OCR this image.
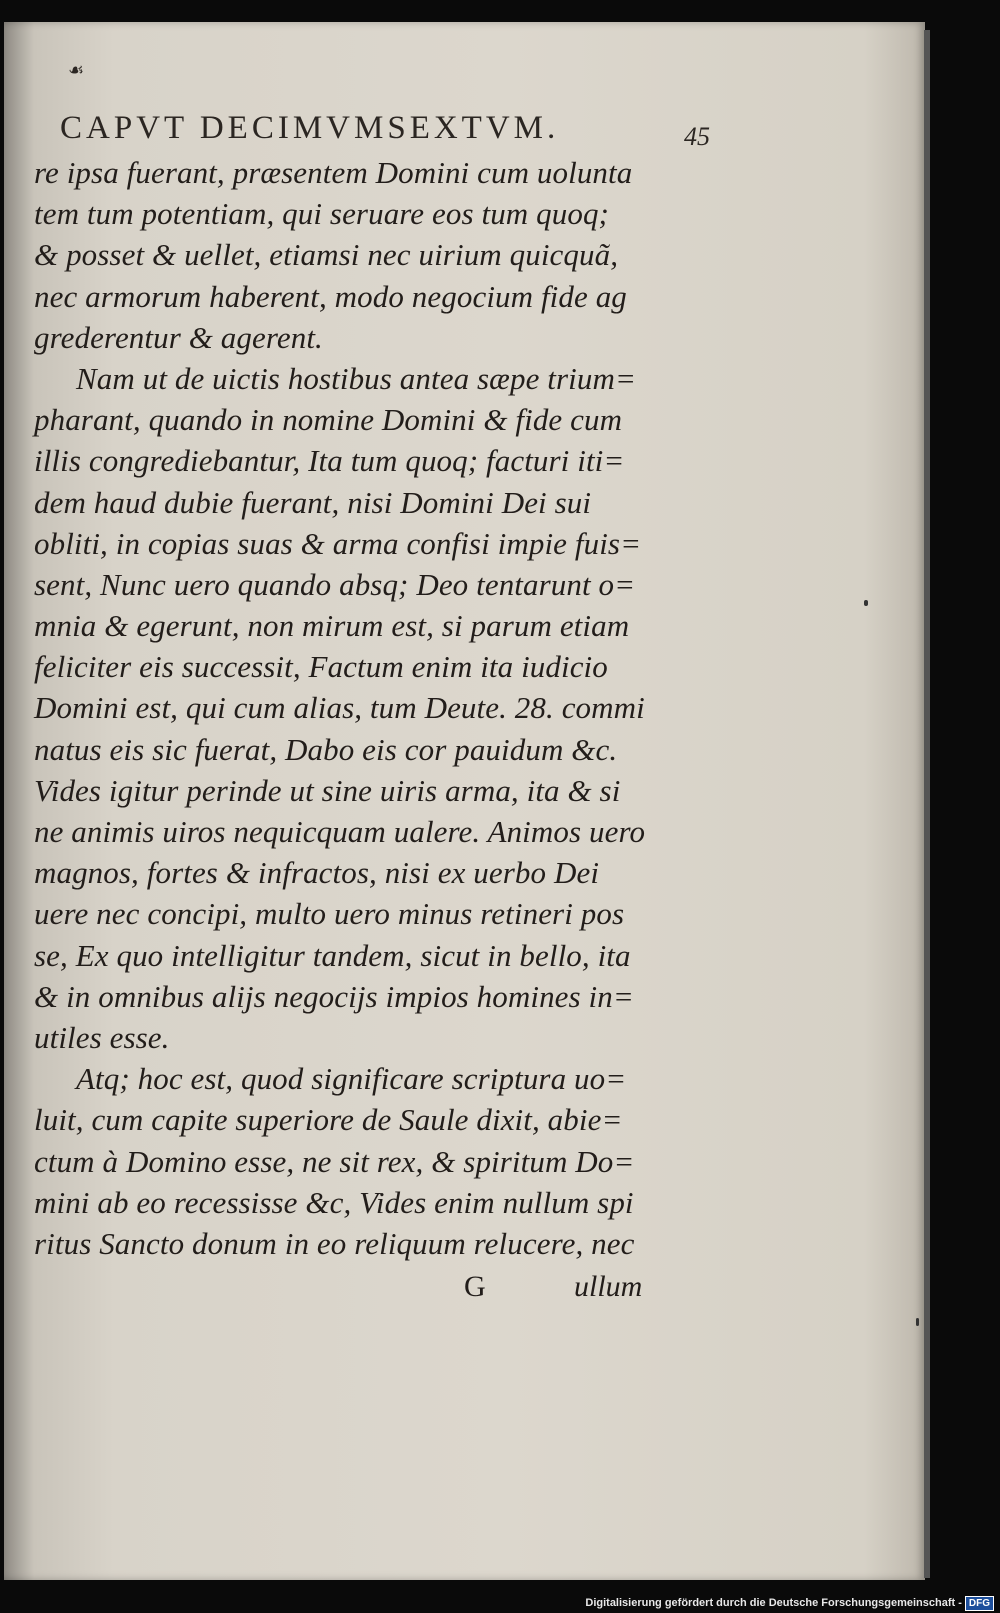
☙
CAPVT DECIMVMSEXTVM.	45
re ipsa fuerant, præsentem Domini cum uolunta
tem tum potentiam, qui seruare eos tum quoq;
& posset & uellet, etiamsi nec uirium quicquã,
nec armorum haberent, modo negocium fide ag
grederentur & agerent.
Nam ut de uictis hostibus antea sæpe trium=
pharant, quando in nomine Domini & fide cum
illis congrediebantur, Ita tum quoq; facturi iti=
dem haud dubie fuerant, nisi Domini Dei sui
obliti, in copias suas & arma confisi impie fuis=
sent, Nunc uero quando absq; Deo tentarunt o=
mnia & egerunt, non mirum est, si parum etiam
feliciter eis successit, Factum enim ita iudicio
Domini est, qui cum alias, tum Deute. 28. commi
natus eis sic fuerat, Dabo eis cor pauidum &c.
Vides igitur perinde ut sine uiris arma, ita & si
ne animis uiros nequicquam ualere. Animos uero
magnos, fortes & infractos, nisi ex uerbo Dei
uere nec concipi, multo uero minus retineri pos
se, Ex quo intelligitur tandem, sicut in bello, ita
& in omnibus alijs negocijs impios homines in=
utiles esse.
Atq; hoc est, quod significare scriptura uo=
luit, cum capite superiore de Saule dixit, abie=
ctum à Domino esse, ne sit rex, & spiritum Do=
mini ab eo recessisse &c, Vides enim nullum spi
ritus Sancto donum in eo reliquum relucere, nec
G	ullum
Digitalisierung gefördert durch die Deutsche Forschungsgemeinschaft - DFG
